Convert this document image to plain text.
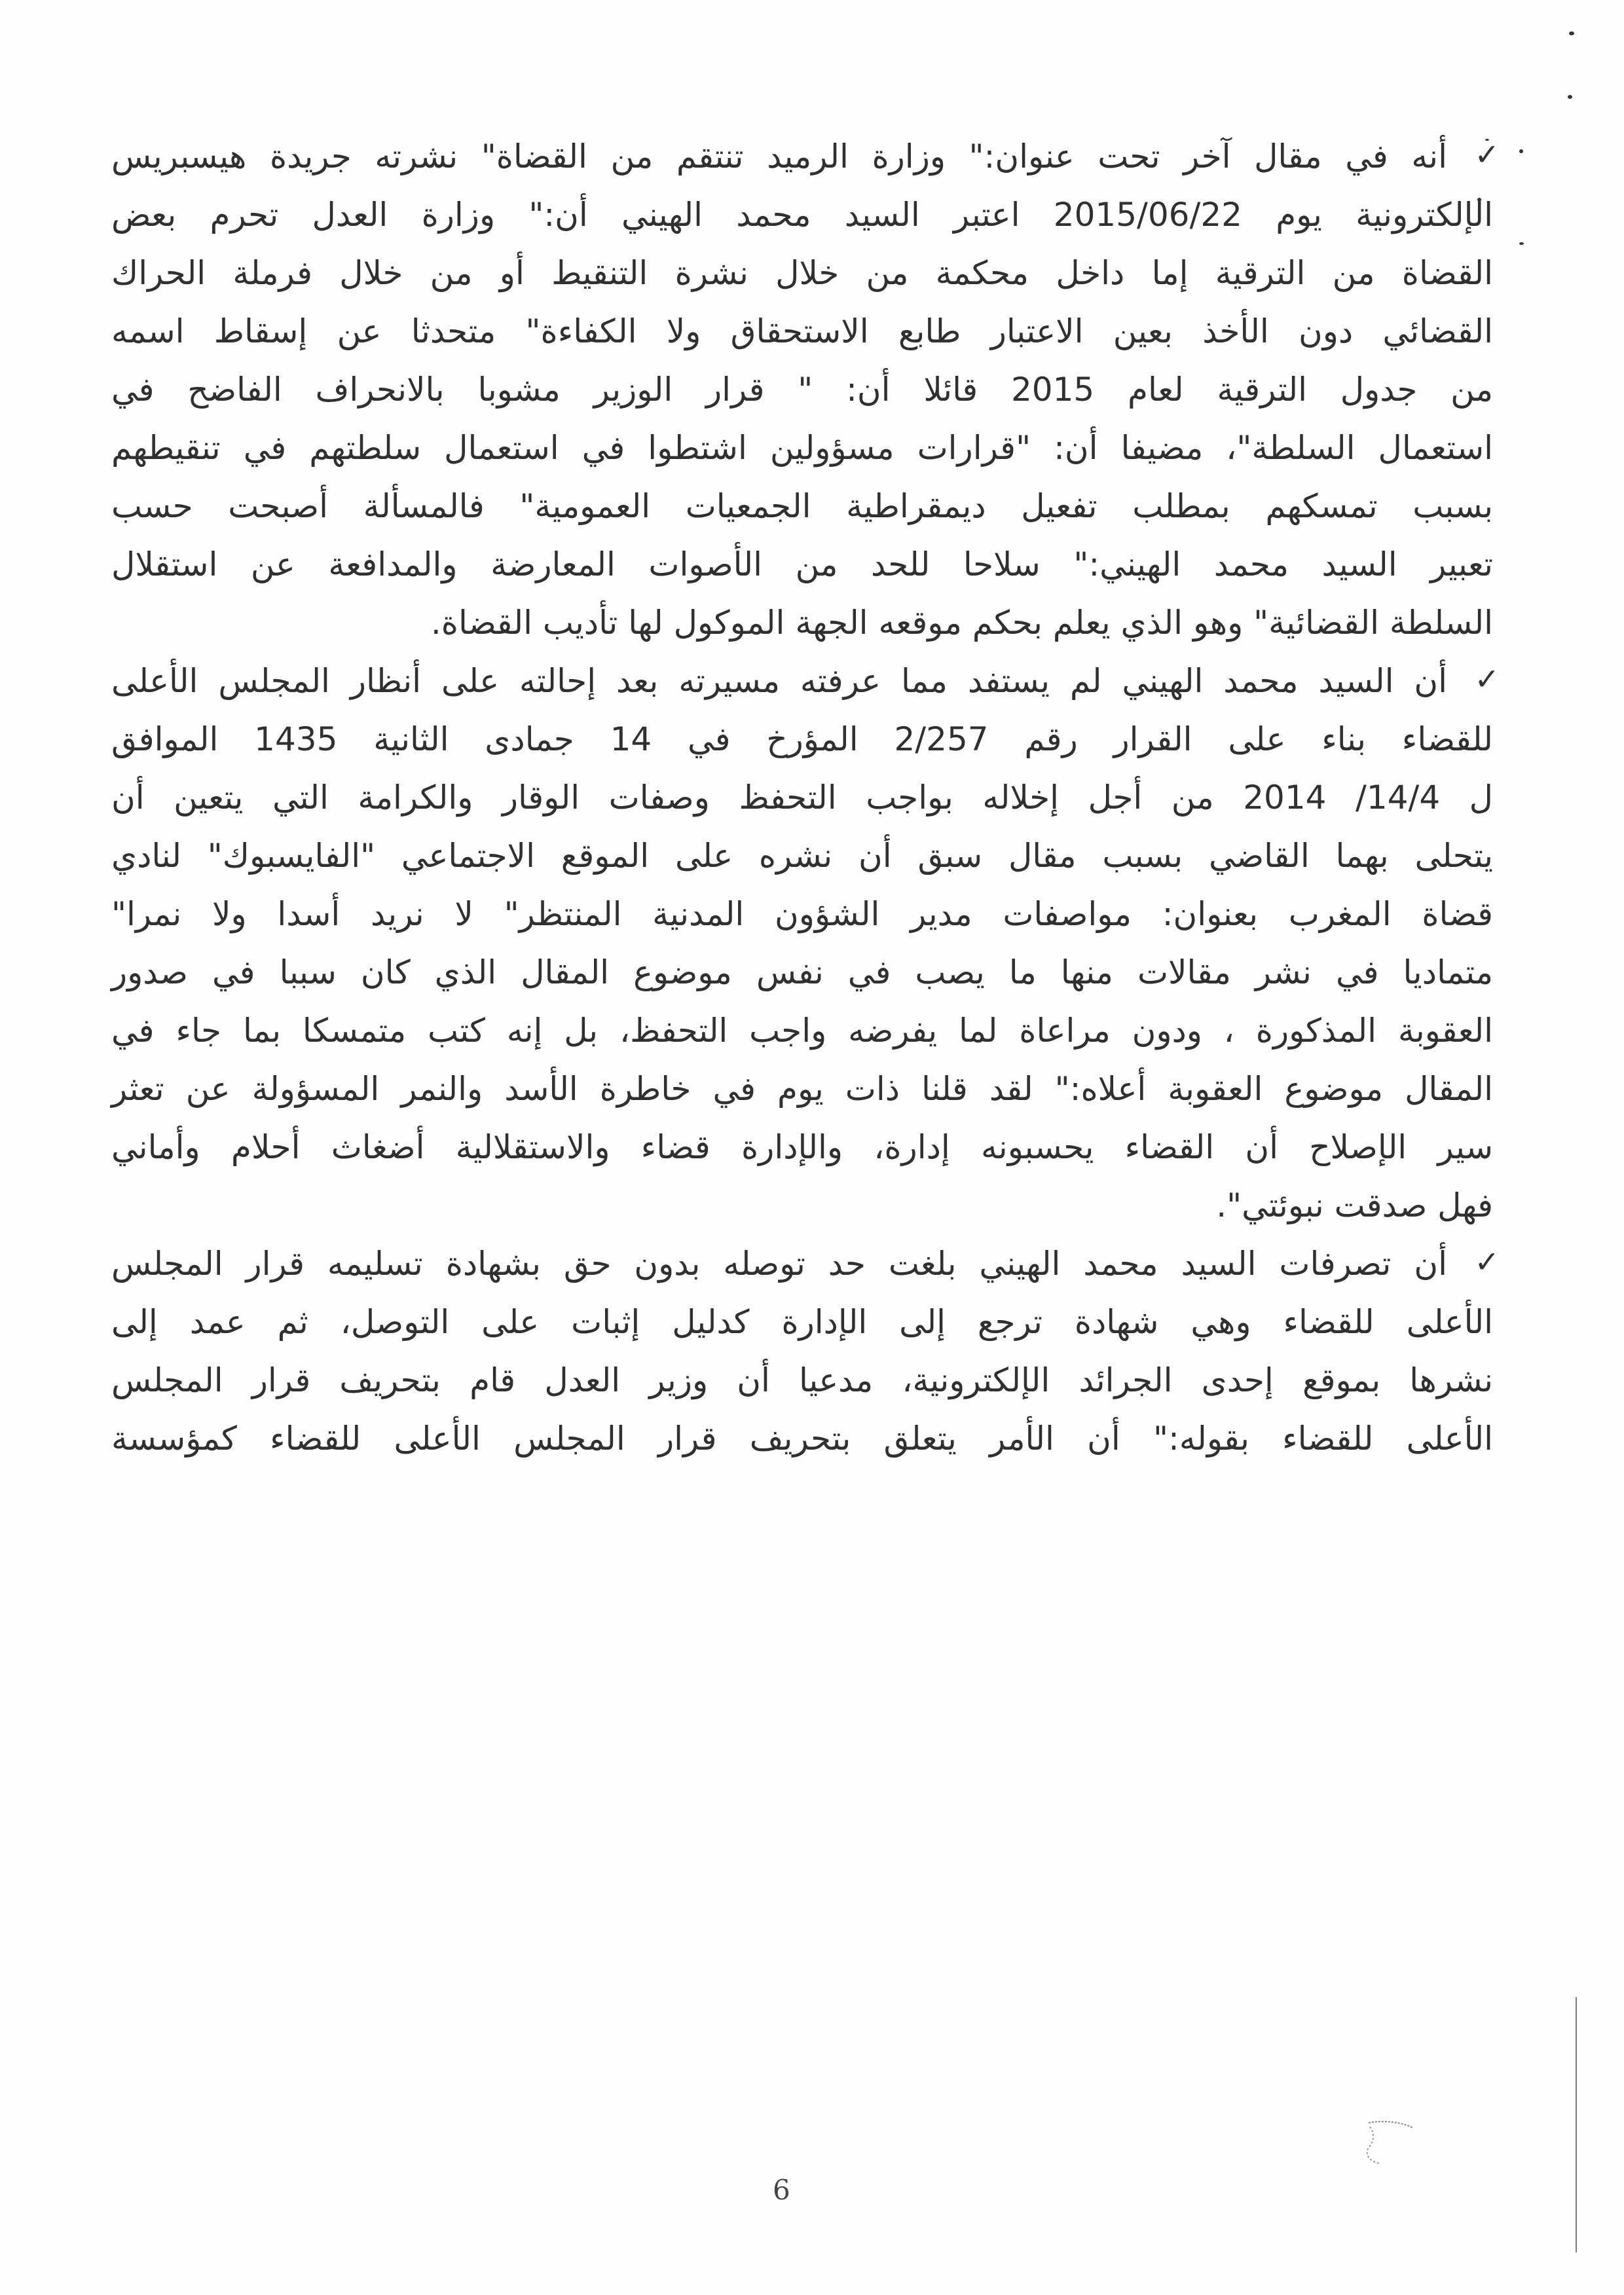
✓
أنه في مقال آخر تحت عنوان:" وزارة الرميد تنتقم من القضاة" نشرته جريدة هيسبريس
الإلكترونية يوم 2015/06/22 اعتبر السيد محمد الهيني أن:" وزارة العدل تحرم بعض
القضاة من الترقية إما داخل محكمة من خلال نشرة التنقيط أو من خلال فرملة الحراك
القضائي دون الأخذ بعين الاعتبار طابع الاستحقاق ولا الكفاءة" متحدثا عن إسقاط اسمه
من جدول الترقية لعام 2015 قائلا أن: " قرار الوزير مشوبا بالانحراف الفاضح في
استعمال السلطة"، مضيفا أن: "قرارات مسؤولين اشتطوا في استعمال سلطتهم في تنقيطهم
بسبب تمسكهم بمطلب تفعيل ديمقراطية الجمعيات العمومية" فالمسألة أصبحت حسب
تعبير السيد محمد الهيني:" سلاحا للحد من الأصوات المعارضة والمدافعة عن استقلال
السلطة القضائية" وهو الذي يعلم بحكم موقعه الجهة الموكول لها تأديب القضاة.
✓
أن السيد محمد الهيني لم يستفد مما عرفته مسيرته بعد إحالته على أنظار المجلس الأعلى
للقضاء بناء على القرار رقم 2/257 المؤرخ في 14 جمادى الثانية 1435 الموافق
ل 14/4/ 2014 من أجل إخلاله بواجب التحفظ وصفات الوقار والكرامة التي يتعين أن
يتحلى بهما القاضي بسبب مقال سبق أن نشره على الموقع الاجتماعي "الفايسبوك" لنادي
قضاة المغرب بعنوان: مواصفات مدير الشؤون المدنية المنتظر" لا نريد أسدا ولا نمرا"
متماديا في نشر مقالات منها ما يصب في نفس موضوع المقال الذي كان سببا في صدور
العقوبة المذكورة ، ودون مراعاة لما يفرضه واجب التحفظ، بل إنه كتب متمسكا بما جاء في
المقال موضوع العقوبة أعلاه:" لقد قلنا ذات يوم في خاطرة الأسد والنمر المسؤولة عن تعثر
سير الإصلاح أن القضاء يحسبونه إدارة، والإدارة قضاء والاستقلالية أضغاث أحلام وأماني
فهل صدقت نبوئتي".
✓
أن تصرفات السيد محمد الهيني بلغت حد توصله بدون حق بشهادة تسليمه قرار المجلس
الأعلى للقضاء وهي شهادة ترجع إلى الإدارة كدليل إثبات على التوصل، ثم عمد إلى
نشرها بموقع إحدى الجرائد الإلكترونية، مدعيا أن وزير العدل قام بتحريف قرار المجلس
الأعلى للقضاء بقوله:" أن الأمر يتعلق بتحريف قرار المجلس الأعلى للقضاء كمؤسسة
6
